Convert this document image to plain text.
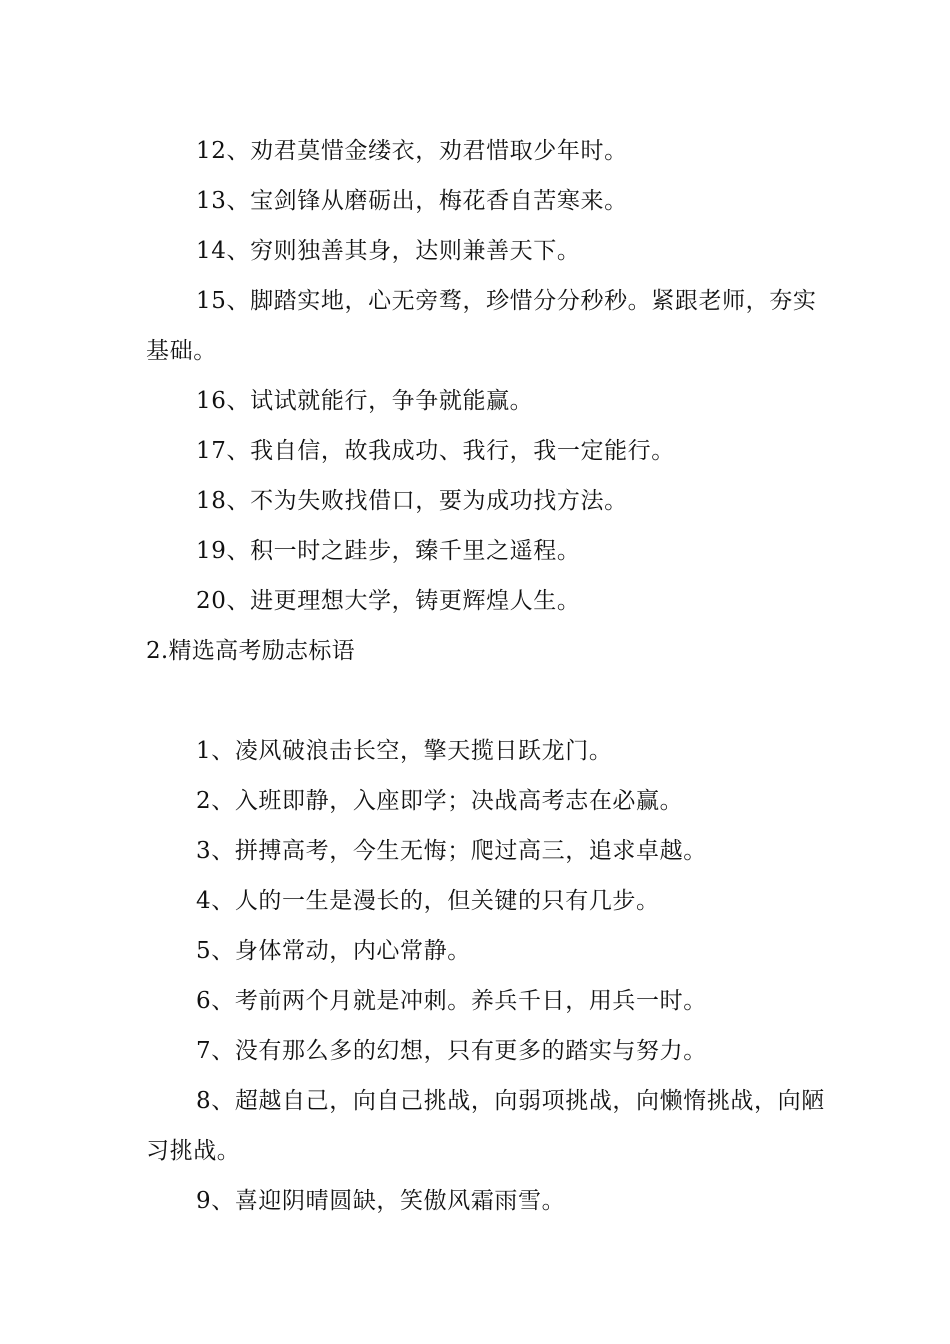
12、劝君莫惜金缕衣，劝君惜取少年时。
13、宝剑锋从磨砺出，梅花香自苦寒来。
14、穷则独善其身，达则兼善天下。
15、脚踏实地，心无旁骛，珍惜分分秒秒。紧跟老师，夯实基础。
16、试试就能行，争争就能赢。
17、我自信，故我成功、我行，我一定能行。
18、不为失败找借口，要为成功找方法。
19、积一时之跬步，臻千里之遥程。
20、进更理想大学，铸更辉煌人生。
2.精选高考励志标语
1、凌风破浪击长空，擎天揽日跃龙门。
2、入班即静，入座即学；决战高考志在必赢。
3、拼搏高考，今生无悔；爬过高三，追求卓越。
4、人的一生是漫长的，但关键的只有几步。
5、身体常动，内心常静。
6、考前两个月就是冲刺。养兵千日，用兵一时。
7、没有那么多的幻想，只有更多的踏实与努力。
8、超越自己，向自己挑战，向弱项挑战，向懒惰挑战，向陋习挑战。
9、喜迎阴晴圆缺，笑傲风霜雨雪。
